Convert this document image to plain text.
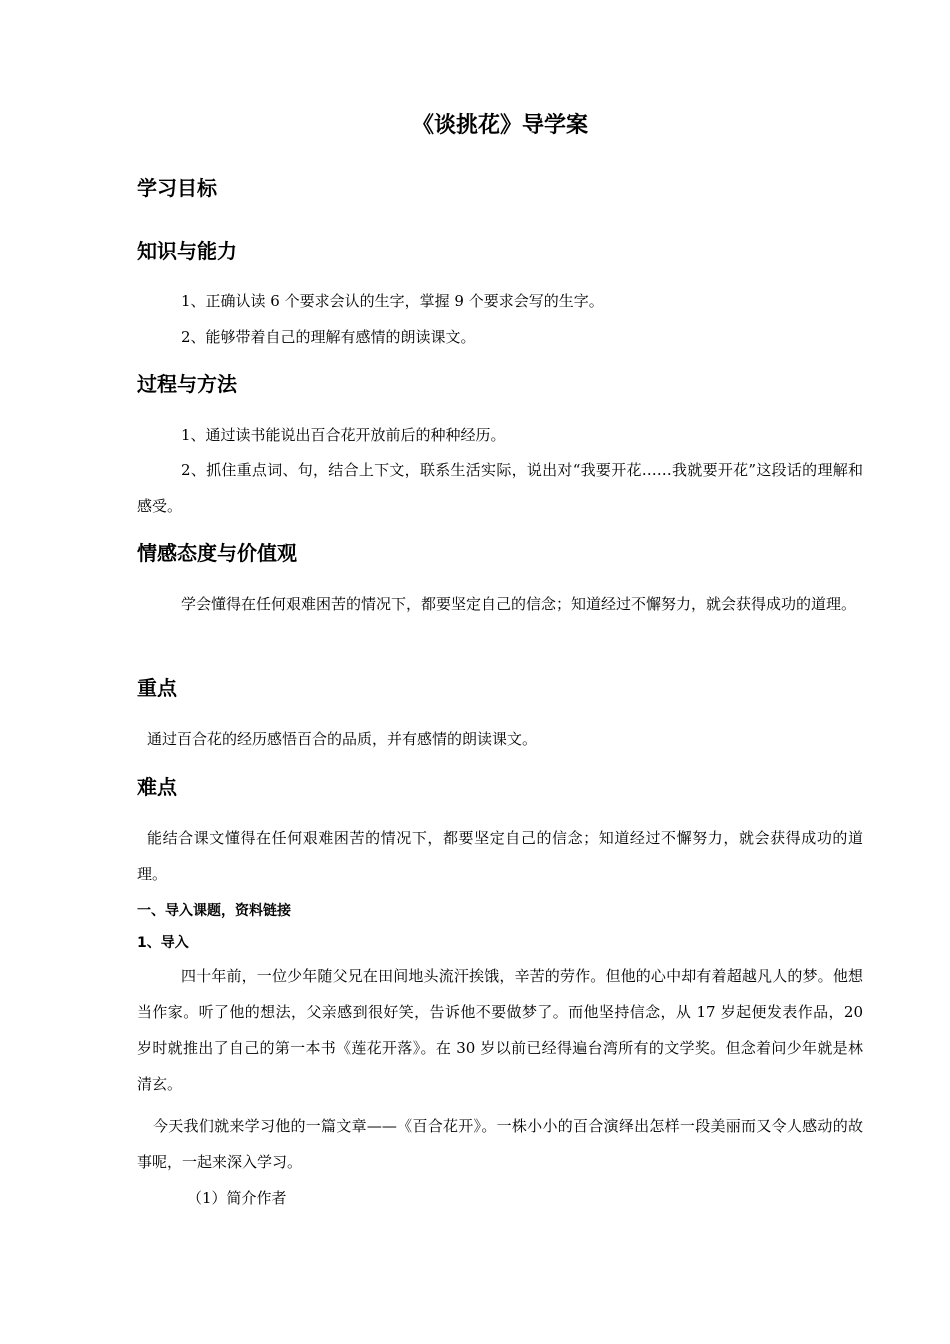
《谈挑花》导学案
学习目标
知识与能力

1、正确认读 6 个要求会认的生字，掌握 9 个要求会写的生字。

2、能够带着自己的理解有感情的朗读课文。

过程与方法

1、通过读书能说出百合花开放前后的种种经历。

2、抓住重点词、句，结合上下文，联系生活实际，说出对“我要开花……我就要开花”这段话的理解和感受。

情感态度与价值观

学会懂得在任何艰难困苦的情况下，都要坚定自己的信念；知道经过不懈努力，就会获得成功的道理。

重点

通过百合花的经历感悟百合的品质，并有感情的朗读课文。

难点

能结合课文懂得在任何艰难困苦的情况下，都要坚定自己的信念；知道经过不懈努力，就会获得成功的道理。

一、导入课题，资料链接

1、导入

四十年前，一位少年随父兄在田间地头流汗挨饿，辛苦的劳作。但他的心中却有着超越凡人的梦。他想当作家。听了他的想法，父亲感到很好笑，告诉他不要做梦了。而他坚持信念，从 17 岁起便发表作品，20 岁时就推出了自己的第一本书《莲花开落》。在 30 岁以前已经得遍台湾所有的文学奖。但念着问少年就是林清玄。

今天我们就来学习他的一篇文章——《百合花开》。一株小小的百合演绎出怎样一段美丽而又令人感动的故事呢，一起来深入学习。

（1）简介作者
